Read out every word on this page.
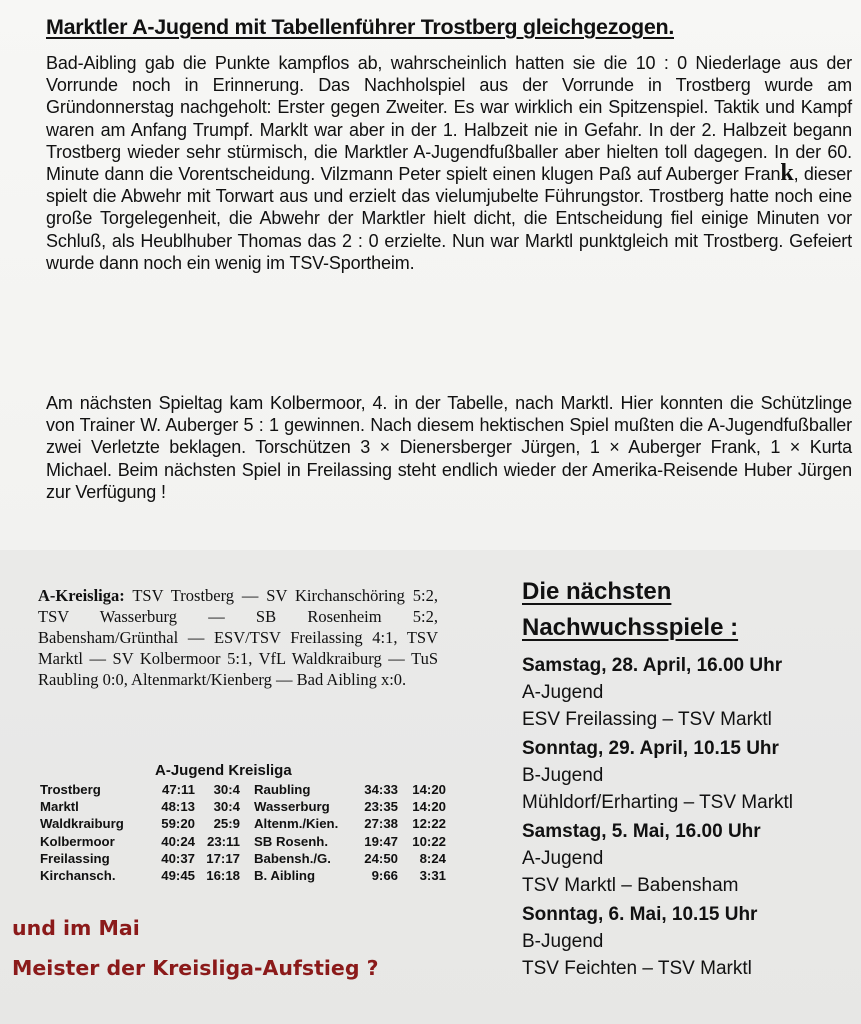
Marktler A-Jugend mit Tabellenführer Trostberg gleichgezogen.

Bad-Aibling gab die Punkte kampflos ab, wahrscheinlich hatten sie die 10 : 0 Niederlage aus der Vorrunde noch in Erinnerung. Das Nachholspiel aus der Vorrunde in Trostberg wurde am Gründonnerstag nachgeholt: Erster gegen Zweiter. Es war wirklich ein Spitzenspiel. Taktik und Kampf waren am Anfang Trumpf. Marklt war aber in der 1. Halbzeit nie in Gefahr. In der 2. Halbzeit begann Trostberg wieder sehr stürmisch, die Marktler A-Jugendfußballer aber hielten toll dagegen. In der 60. Minute dann die Vorentscheidung. Vilzmann Peter spielt einen klugen Paß auf Auberger Frank, dieser spielt die Abwehr mit Torwart aus und erzielt das vielumjubelte Führungstor. Trostberg hatte noch eine große Torgelegenheit, die Abwehr der Marktler hielt dicht, die Entscheidung fiel einige Minuten vor Schluß, als Heublhuber Thomas das 2 : 0 erzielte. Nun war Marktl punktgleich mit Trostberg. Gefeiert wurde dann noch ein wenig im TSV-Sportheim.

Am nächsten Spieltag kam Kolbermoor, 4. in der Tabelle, nach Marktl. Hier konnten die Schützlinge von Trainer W. Auberger 5 : 1 gewinnen. Nach diesem hektischen Spiel mußten die A-Jugendfußballer zwei Verletzte beklagen. Torschützen 3 × Dienersberger Jürgen, 1 × Auberger Frank, 1 × Kurta Michael. Beim nächsten Spiel in Freilassing steht endlich wieder der Amerika-Reisende Huber Jürgen zur Verfügung !

A-Kreisliga: TSV Trostberg — SV Kirchanschöring 5:2, TSV Wasserburg — SB Rosenheim 5:2, Babensham/Grünthal — ESV/TSV Freilassing 4:1, TSV Marktl — SV Kolbermoor 5:1, VfL Waldkraiburg — TuS Raubling 0:0, Altenmarkt/Kienberg — Bad Aibling x:0.
A-Jugend Kreisliga
Trostberg	47:11	30:4	Raubling	34:33	14:20
Marktl	48:13	30:4	Wasserburg	23:35	14:20
Waldkraiburg	59:20	25:9	Altenm./Kien.	27:38	12:22
Kolbermoor	40:24	23:11	SB Rosenh.	19:47	10:22
Freilassing	40:37	17:17	Babensh./G.	24:50	8:24
Kirchansch.	49:45	16:18	B. Aibling	9:66	3:31
und im Mai
Meister der Kreisliga-Aufstieg ?
Die nächsten
Nachwuchsspiele :
Samstag, 28. April, 16.00 Uhr
A-Jugend
ESV Freilassing – TSV Marktl
Sonntag, 29. April, 10.15 Uhr
B-Jugend
Mühldorf/Erharting – TSV Marktl
Samstag, 5. Mai, 16.00 Uhr
A-Jugend
TSV Marktl – Babensham
Sonntag, 6. Mai, 10.15 Uhr
B-Jugend
TSV Feichten – TSV Marktl
